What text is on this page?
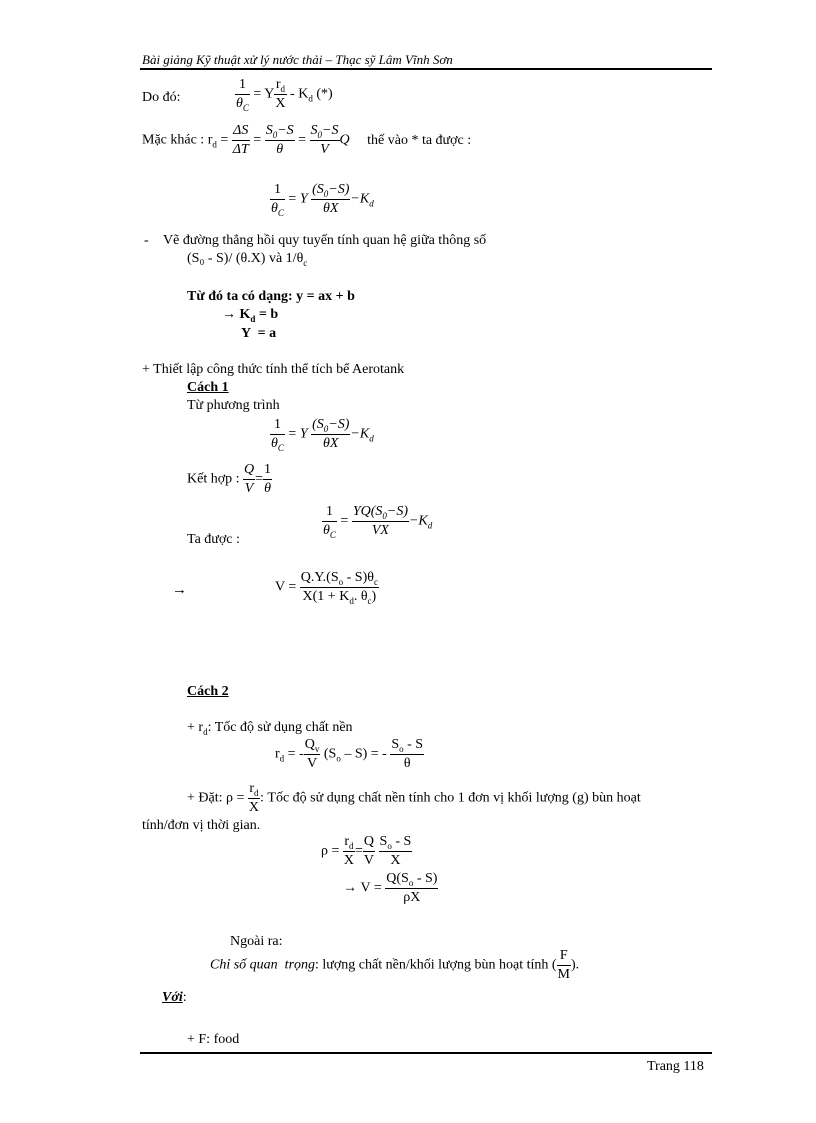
Bài giảng Kỹ thuật xử lý nước thải – Thạc sỹ Lâm Vĩnh Sơn
Do đó:	$\frac{1}{\theta_C} = Y \frac{r_d}{X} - K_d$ (*)
Mặc khác : $r_d = \frac{\Delta S}{\Delta T} = \frac{S_0-S}{\theta} = \frac{S_0-S}{V}$ Q thế vào * ta được :
$\frac{1}{\theta_C} = Y \frac{(S_0-S)}{\theta X} -K_d$
- Vẽ đường thẳng hồi quy tuyến tính quan hệ giữa thông số
(S₀ - S)/ (θ.X) và $1/\theta_c$
Từ đó ta có dạng: y = ax + b
→ $K_d = b$
Y  = a
+ Thiết lập công thức tính thể tích bể Aerotank
Cách 1
Từ phương trình
$\frac{1}{\theta_C} = Y \frac{(S_0-S)}{\theta X} -K_d$
Kết hợp : $\frac{Q}{V} = \frac{1}{\theta}$
$\frac{1}{\theta_C} = \frac{YQ(S_0-S)}{VX} -K_d$
Ta được :
→	$V = \frac{Q.Y.(S_o - S)\theta_c}{X(1 + K_d. \theta_c)}$
Cách 2
+ $r_d$: Tốc độ sử dụng chất nền
$r_d$ = - $\frac{Q_v}{V} (S_o - S)$ = - $\frac{S_o - S}{\theta}$
+ Đặt: $\rho = \frac{r_d}{X}$ : Tốc độ sử dụng chất nền tính cho 1 đơn vị khối lượng (g) bùn hoạt
tính/đơn vị thời gian.
$\rho = \frac{r_d}{X} = \frac{Q}{V}$
$\frac{S_o - S}{X}$
→ $V = \frac{Q(S_o - S)}{\rho X}$
Ngoài ra:
Chỉ số quan  trọng: lượng chất nền/khối lượng bùn hoạt tính ( $\frac{F}{M}$ ).
Với:
+ F: food
Trang 118
